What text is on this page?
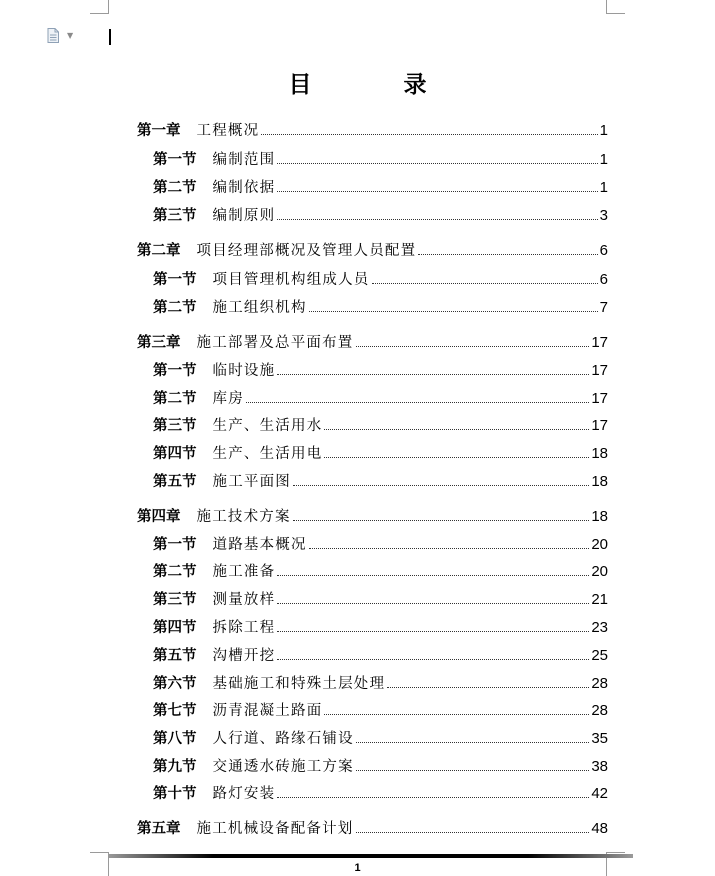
▼
目 录
第一章 工程概况	1
第一节 编制范围	1
第二节 编制依据	1
第三节 编制原则	3
第二章 项目经理部概况及管理人员配置	6
第一节 项目管理机构组成人员	6
第二节 施工组织机构	7
第三章 施工部署及总平面布置	17
第一节 临时设施	17
第二节 库房	17
第三节 生产、生活用水	17
第四节 生产、生活用电	18
第五节 施工平面图	18
第四章 施工技术方案	18
第一节 道路基本概况	20
第二节 施工准备	20
第三节 测量放样	21
第四节 拆除工程	23
第五节 沟槽开挖	25
第六节 基础施工和特殊土层处理	28
第七节 沥青混凝土路面	28
第八节 人行道、路缘石铺设	35
第九节 交通透水砖施工方案	38
第十节 路灯安装	42
第五章 施工机械设备配备计划	48
1
